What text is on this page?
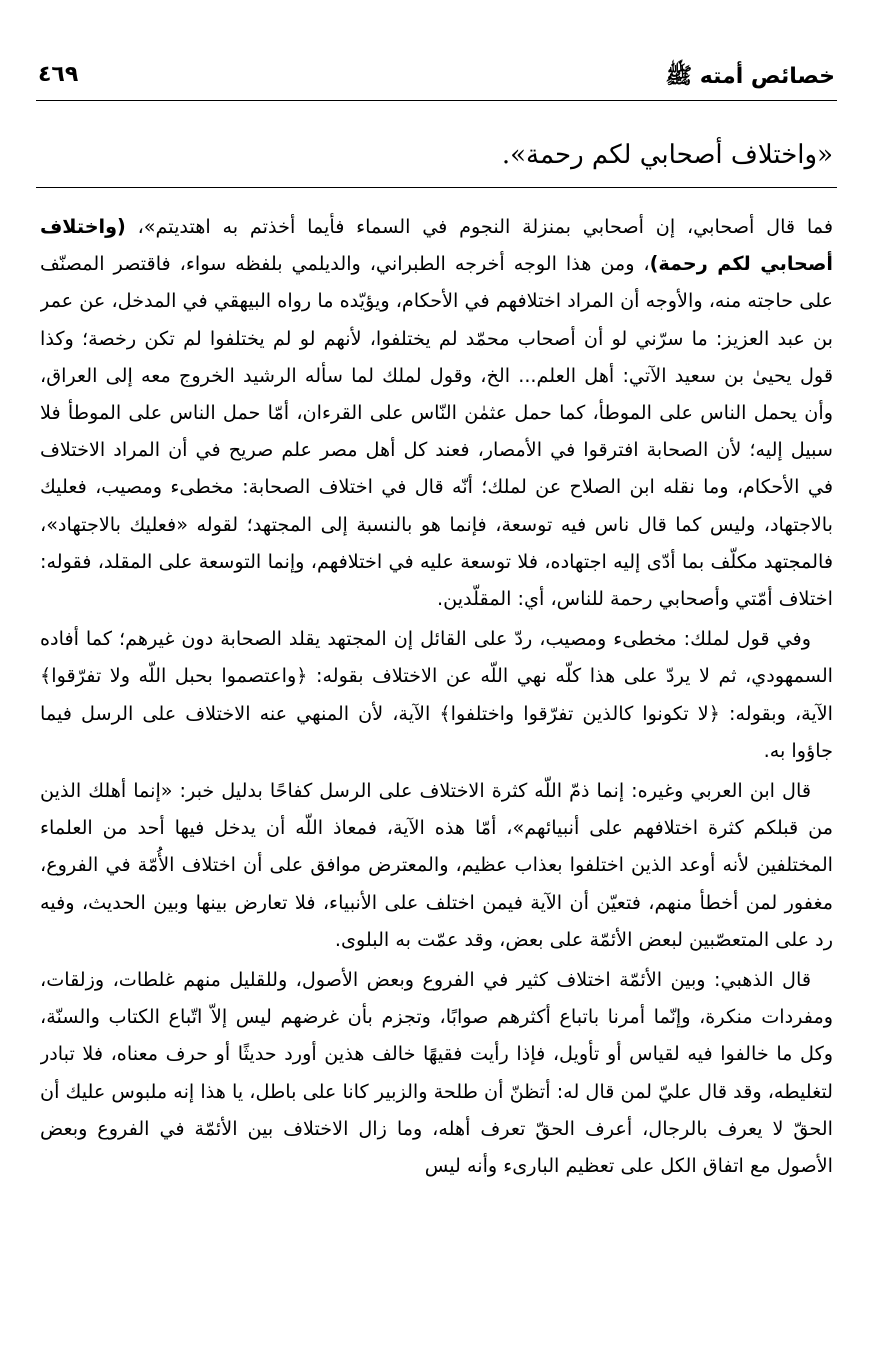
خصائص أمته ﷺ
٤٦٩
«واختلاف أصحابي لكم رحمة».

فما قال أصحابي، إن أصحابي بمنزلة النجوم في السماء فأيما أخذتم به اهتديتم»، (واختلاف أصحابي لكم رحمة)، ومن هذا الوجه أخرجه الطبراني، والديلمي بلفظه سواء، فاقتصر المصنّف على حاجته منه، والأوجه أن المراد اختلافهم في الأحكام، ويؤيّده ما رواه البيهقي في المدخل، عن عمر بن عبد العزيز: ما سرّني لو أن أصحاب محمّد لم يختلفوا، لأنهم لو لم يختلفوا لم تكن رخصة؛ وكذا قول يحيىٰ بن سعيد الآتي: أهل العلم... الخ، وقول لملك لما سأله الرشيد الخروج معه إلى العراق، وأن يحمل الناس على الموطأ، كما حمل عثمٰن النّاس على القرءان، أمّا حمل الناس على الموطأ فلا سبيل إليه؛ لأن الصحابة افترقوا في الأمصار، فعند كل أهل مصر علم صريح في أن المراد الاختلاف في الأحكام، وما نقله ابن الصلاح عن لملك؛ أنّه قال في اختلاف الصحابة: مخطىء ومصيب، فعليك بالاجتهاد، وليس كما قال ناس فيه توسعة، فإنما هو بالنسبة إلى المجتهد؛ لقوله «فعليك بالاجتهاد»، فالمجتهد مكلّف بما أدّى إليه اجتهاده، فلا توسعة عليه في اختلافهم، وإنما التوسعة على المقلد، فقوله: اختلاف أمّتي وأصحابي رحمة للناس، أي: المقلّدين.

وفي قول لملك: مخطىء ومصيب، ردّ على القائل إن المجتهد يقلد الصحابة دون غيرهم؛ كما أفاده السمهودي، ثم لا يردّ على هذا كلّه نهي اللّه عن الاختلاف بقوله: ﴿واعتصموا بحبل اللّه ولا تفرّقوا﴾ الآية، وبقوله: ﴿لا تكونوا كالذين تفرّقوا واختلفوا﴾ الآية، لأن المنهي عنه الاختلاف على الرسل فيما جاؤوا به.

قال ابن العربي وغيره: إنما ذمّ اللّه كثرة الاختلاف على الرسل كفاحًا بدليل خبر: «إنما أهلك الذين من قبلكم كثرة اختلافهم على أنبيائهم»، أمّا هذه الآية، فمعاذ اللّه أن يدخل فيها أحد من العلماء المختلفين لأنه أوعد الذين اختلفوا بعذاب عظيم، والمعترض موافق على أن اختلاف الأُمّة في الفروع، مغفور لمن أخطأ منهم، فتعيّن أن الآية فيمن اختلف على الأنبياء، فلا تعارض بينها وبين الحديث، وفيه رد على المتعصّبين لبعض الأئمّة على بعض، وقد عمّت به البلوى.

قال الذهبي: وبين الأئمّة اختلاف كثير في الفروع وبعض الأصول، وللقليل منهم غلطات، وزلقات، ومفردات منكرة، وإنّما أمرنا باتباع أكثرهم صوابًا، وتجزم بأن غرضهم ليس إلاّ اتّباع الكتاب والسنّة، وكل ما خالفوا فيه لقياس أو تأويل، فإذا رأيت فقيهًا خالف هذين أورد حديثًا أو حرف معناه، فلا تبادر لتغليطه، وقد قال عليّ لمن قال له: أتظنّ أن طلحة والزبير كانا على باطل، يا هذا إنه ملبوس عليك أن الحقّ لا يعرف بالرجال، أعرف الحقّ تعرف أهله، وما زال الاختلاف بين الأئمّة في الفروع وبعض الأصول مع اتفاق الكل على تعظيم البارىء وأنه ليس
